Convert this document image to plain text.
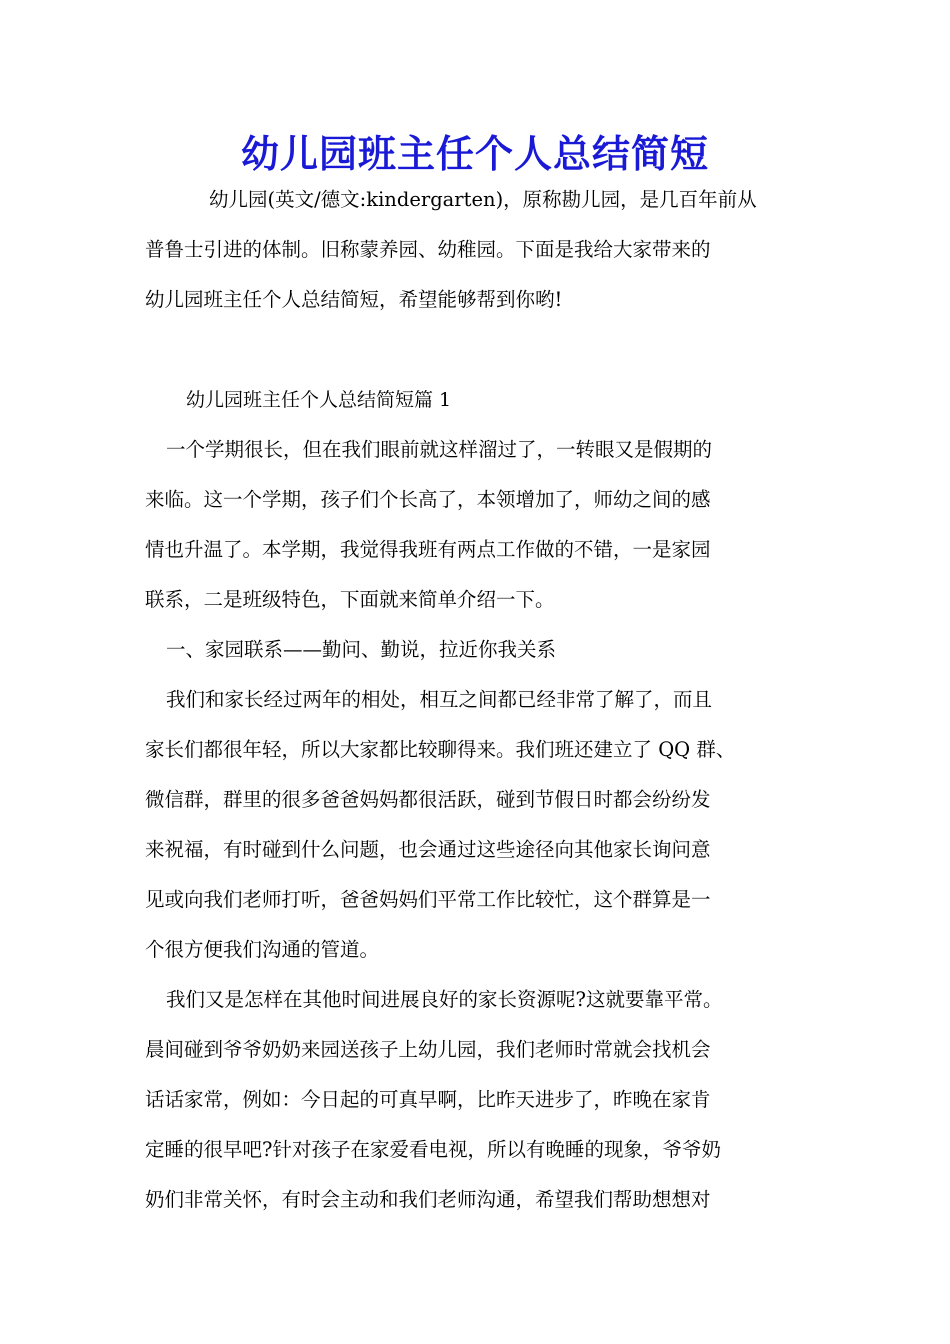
幼儿园班主任个人总结简短

幼儿园(英文/德文:kindergarten)，原称勘儿园，是几百年前从

普鲁士引进的体制。旧称蒙养园、幼稚园。下面是我给大家带来的

幼儿园班主任个人总结简短，希望能够帮到你哟!

幼儿园班主任个人总结简短篇 1

一个学期很长，但在我们眼前就这样溜过了，一转眼又是假期的

来临。这一个学期，孩子们个长高了，本领增加了，师幼之间的感

情也升温了。本学期，我觉得我班有两点工作做的不错，一是家园

联系，二是班级特色，下面就来简单介绍一下。

一、家园联系——勤问、勤说，拉近你我关系

我们和家长经过两年的相处，相互之间都已经非常了解了，而且

家长们都很年轻，所以大家都比较聊得来。我们班还建立了 QQ 群、

微信群，群里的很多爸爸妈妈都很活跃，碰到节假日时都会纷纷发

来祝福，有时碰到什么问题，也会通过这些途径向其他家长询问意

见或向我们老师打听，爸爸妈妈们平常工作比较忙，这个群算是一

个很方便我们沟通的管道。

我们又是怎样在其他时间进展良好的家长资源呢?这就要靠平常。

晨间碰到爷爷奶奶来园送孩子上幼儿园，我们老师时常就会找机会

话话家常，例如：今日起的可真早啊，比昨天进步了，昨晚在家肯

定睡的很早吧?针对孩子在家爱看电视，所以有晚睡的现象，爷爷奶

奶们非常关怀，有时会主动和我们老师沟通，希望我们帮助想想对
